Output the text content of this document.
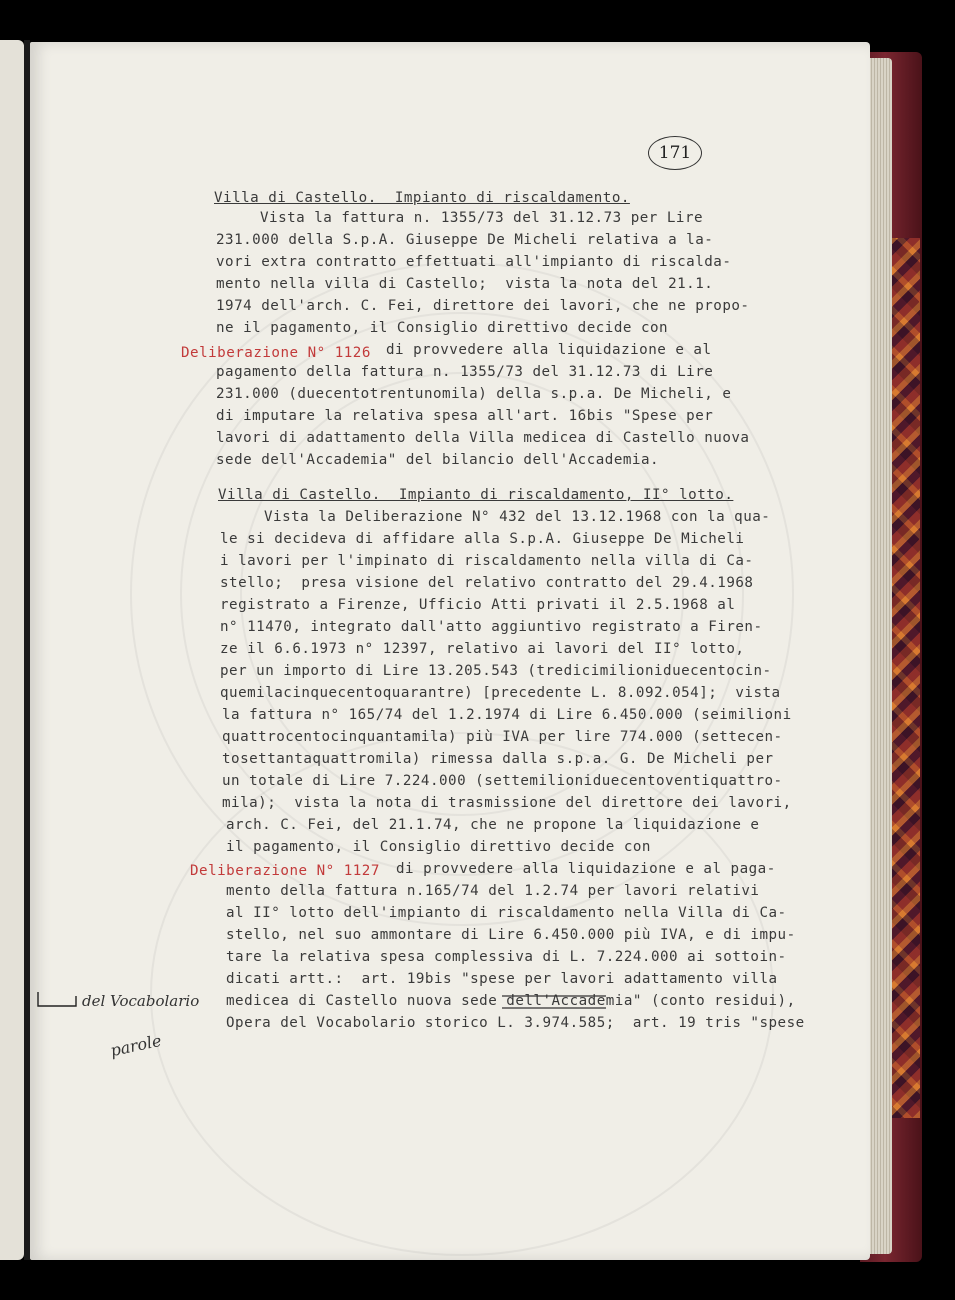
171
Villa di Castello.  Impianto di riscaldamento.
Vista la fattura n. 1355/73 del 31.12.73 per Lire
231.000 della S.p.A. Giuseppe De Micheli relativa a la-
vori extra contratto effettuati all'impianto di riscalda-
mento nella villa di Castello;  vista la nota del 21.1.
1974 dell'arch. C. Fei, direttore dei lavori, che ne propo-
ne il pagamento, il Consiglio direttivo decide con
Deliberazione N° 1126 di provvedere alla liquidazione e al
pagamento della fattura n. 1355/73 del 31.12.73 di Lire
231.000 (duecentotrentunomila) della s.p.a. De Micheli, e
di imputare la relativa spesa all'art. 16bis "Spese per
lavori di adattamento della Villa medicea di Castello nuova
sede dell'Accademia" del bilancio dell'Accademia.
Villa di Castello.  Impianto di riscaldamento, II° lotto.
Vista la Deliberazione N° 432 del 13.12.1968 con la qua-
le si decideva di affidare alla S.p.A. Giuseppe De Micheli
i lavori per l'impinato di riscaldamento nella villa di Ca-
stello;  presa visione del relativo contratto del 29.4.1968
registrato a Firenze, Ufficio Atti privati il 2.5.1968 al
n° 11470, integrato dall'atto aggiuntivo registrato a Firen-
ze il 6.6.1973 n° 12397, relativo ai lavori del II° lotto,
per un importo di Lire 13.205.543 (tredicimilioniduecentocin-
quemilacinquecentoquarantre) [precedente L. 8.092.054];  vista
la fattura n° 165/74 del 1.2.1974 di Lire 6.450.000 (seimilioni
quattrocentocinquantamila) più IVA per lire 774.000 (settecen-
tosettantaquattromila) rimessa dalla s.p.a. G. De Micheli per
un totale di Lire 7.224.000 (settemilioniduecentoventiquattro-
mila);  vista la nota di trasmissione del direttore dei lavori,
arch. C. Fei, del 21.1.74, che ne propone la liquidazione e
il pagamento, il Consiglio direttivo decide con
Deliberazione N° 1127 di provvedere alla liquidazione e al paga-
mento della fattura n.165/74 del 1.2.74 per lavori relativi
al II° lotto dell'impianto di riscaldamento nella Villa di Ca-
stello, nel suo ammontare di Lire 6.450.000 più IVA, e di impu-
tare la relativa spesa complessiva di L. 7.224.000 ai sottoin-
dicati artt.:  art. 19bis "spese per lavori adattamento villa
medicea di Castello nuova sede dell'Accademia" (conto residui),
Opera del Vocabolario storico L. 3.974.585;  art. 19 tris "spese
del Vocabolario
parole
